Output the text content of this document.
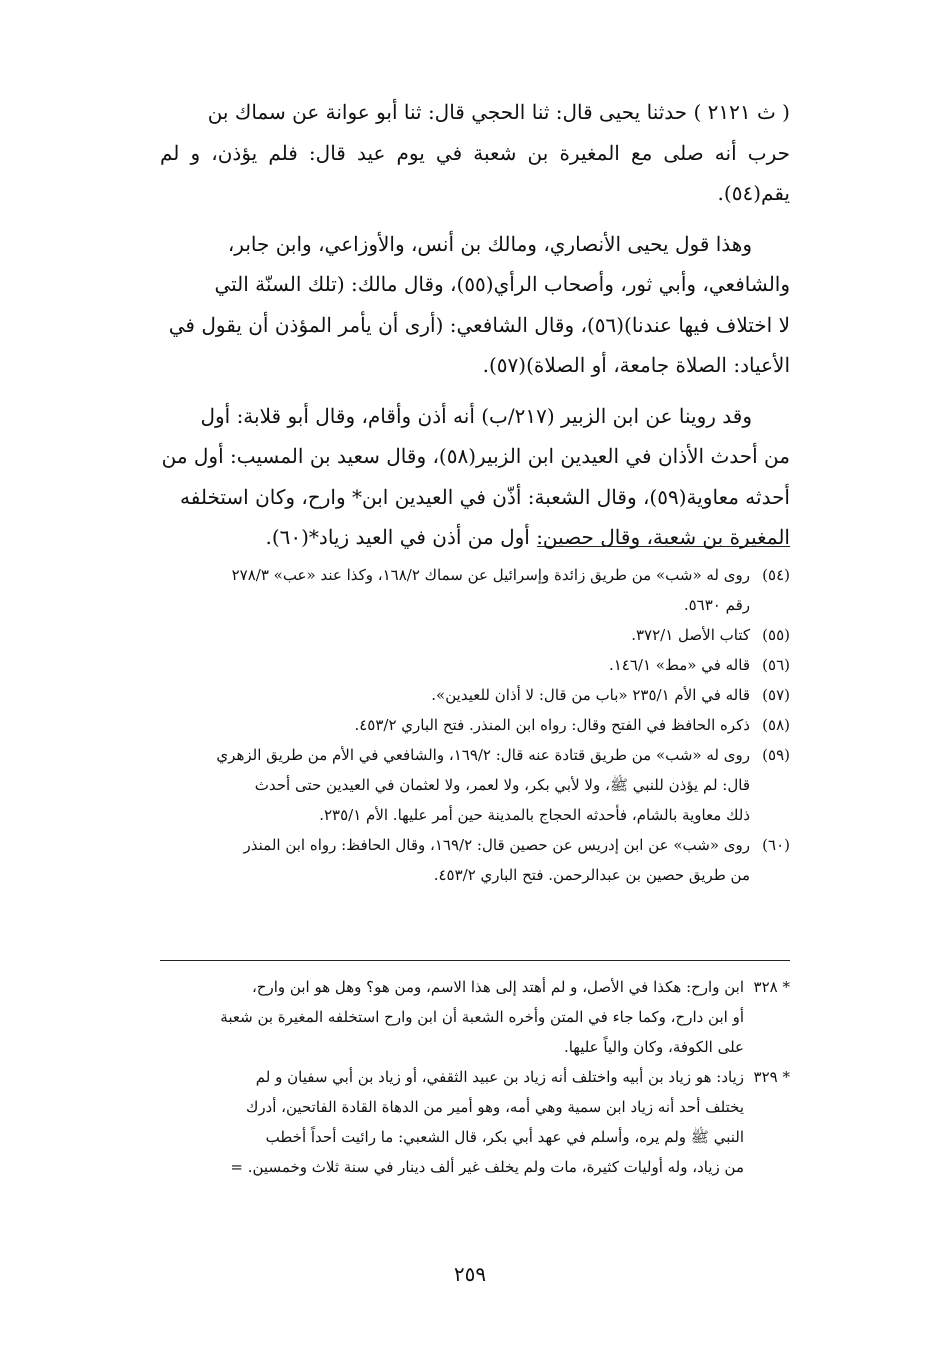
( ث ٢١٢١ ) حدثنا يحيى قال: ثنا الحجي قال: ثنا أبو عوانة عن سماك بن

حرب أنه صلى مع المغيرة بن شعبة في يوم عيد قال: فلم يؤذن، و لم يقم(٥٤).

وهذا قول يحيى الأنصاري، ومالك بن أنس، والأوزاعي، وابن جابر،

والشافعي، وأبي ثور، وأصحاب الرأي(٥٥)، وقال مالك: (تلك السنّة التي

لا اختلاف فيها عندنا)(٥٦)، وقال الشافعي: (أرى أن يأمر المؤذن أن يقول في

الأعياد: الصلاة جامعة، أو الصلاة)(٥٧).

وقد روينا عن ابن الزبير (٢١٧/ب) أنه أذن وأقام، وقال أبو قلابة: أول

من أحدث الأذان في العيدين ابن الزبير(٥٨)، وقال سعيد بن المسيب: أول من

أحدثه معاوية(٥٩)، وقال الشعبة: أذّن في العيدين ابن* وارح، وكان استخلفه

المغيرة بن شعبة، وقال حصين: أول من أذن في العيد زياد*(٦٠).

(٥٤)
روى له «شب» من طريق زائدة وإسرائيل عن سماك ١٦٨/٢، وكذا عند «عب» ٢٧٨/٣
رقم ٥٦٣٠.
(٥٥)
كتاب الأصل ٣٧٢/١.
(٥٦)
قاله في «مط» ١٤٦/١.
(٥٧)
قاله في الأم ٢٣٥/١ «باب من قال: لا أذان للعيدين».
(٥٨)
ذكره الحافظ في الفتح وقال: رواه ابن المنذر. فتح الباري ٤٥٣/٢.
(٥٩)
روى له «شب» من طريق قتادة عنه قال: ١٦٩/٢، والشافعي في الأم من طريق الزهري
قال: لم يؤذن للنبي ﷺ، ولا لأبي بكر، ولا لعمر، ولا لعثمان في العيدين حتى أحدث
ذلك معاوية بالشام، فأحدثه الحجاج بالمدينة حين أمر عليها. الأم ٢٣٥/١.
(٦٠)
روى «شب» عن ابن إدريس عن حصين قال: ١٦٩/٢، وقال الحافظ: رواه ابن المنذر
من طريق حصين بن عبدالرحمن. فتح الباري ٤٥٣/٢.
* ٣٢٨
ابن وارح: هكذا في الأصل، و لم أهتد إلى هذا الاسم، ومن هو؟ وهل هو ابن وارح،
أو ابن دارح، وكما جاء في المتن وأخره الشعبة أن ابن وارح استخلفه المغيرة بن شعبة
على الكوفة، وكان والياً عليها.
* ٣٢٩
زياد: هو زياد بن أبيه واختلف أنه زياد بن عبيد الثقفي، أو زياد بن أبي سفيان و لم
يختلف أحد أنه زياد ابن سمية وهي أمه، وهو أمير من الدهاة القادة الفاتحين، أدرك
النبي ﷺ ولم يره، وأسلم في عهد أبي بكر، قال الشعبي: ما رائيت أحداً أخطب
من زياد، وله أوليات كثيرة، مات ولم يخلف غير ألف دينار في سنة ثلاث وخمسين. =
٢٥٩
